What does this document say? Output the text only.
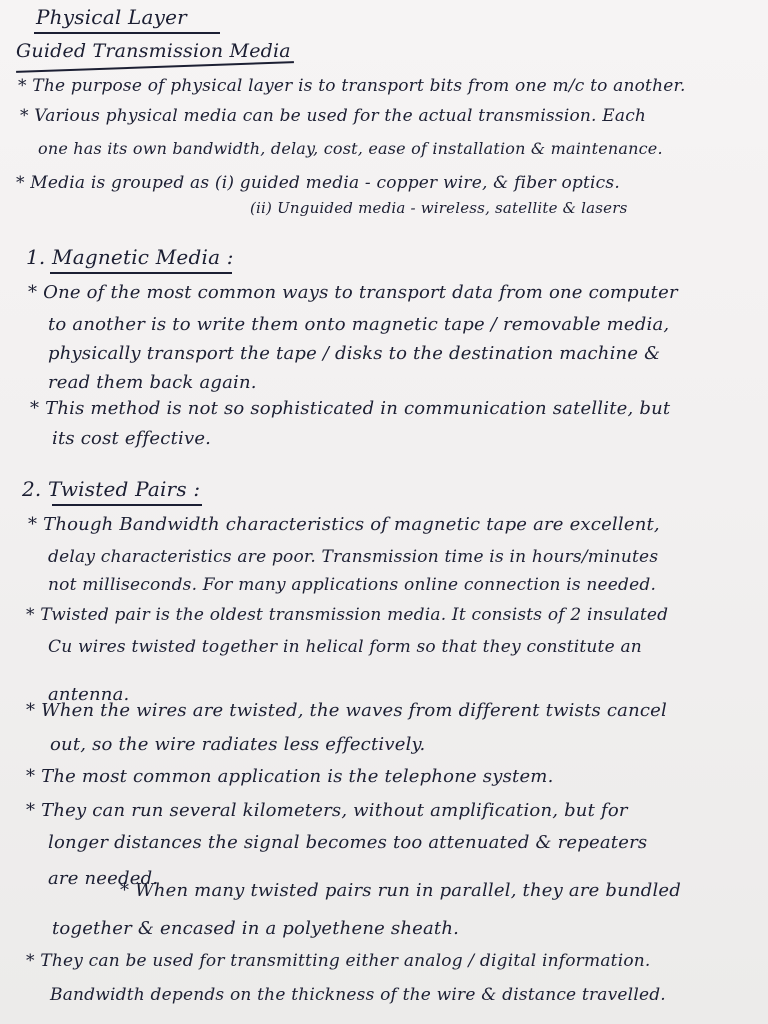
Physical Layer
Guided Transmission Media
* The purpose of physical layer is to transport bits from one m/c to another.
* Various physical media can be used for the actual transmission. Each
one has its own bandwidth, delay, cost, ease of installation & maintenance.
* Media is grouped as (i) guided media - copper wire, & fiber optics.
(ii) Unguided media - wireless, satellite & lasers
1. Magnetic Media :
* One of the most common ways to transport data from one computer
to another is to write them onto magnetic tape / removable media,
physically transport the tape / disks to the destination machine &
read them back again.
* This method is not so sophisticated in communication satellite, but
its cost effective.
2. Twisted Pairs :
* Though Bandwidth characteristics of magnetic tape are excellent,
delay characteristics are poor. Transmission time is in hours/minutes
not milliseconds. For many applications online connection is needed.
* Twisted pair is the oldest transmission media. It consists of 2 insulated
Cu wires twisted together in helical form so that they constitute an
antenna.
* When the wires are twisted, the waves from different twists cancel
out, so the wire radiates less effectively.
* The most common application is the telephone system.
* They can run several kilometers, without amplification, but for
longer distances the signal becomes too attenuated & repeaters
are needed.
* When many twisted pairs run in parallel, they are bundled
together & encased in a polyethene sheath.
* They can be used for transmitting either analog / digital information.
Bandwidth depends on the thickness of the wire & distance travelled.
